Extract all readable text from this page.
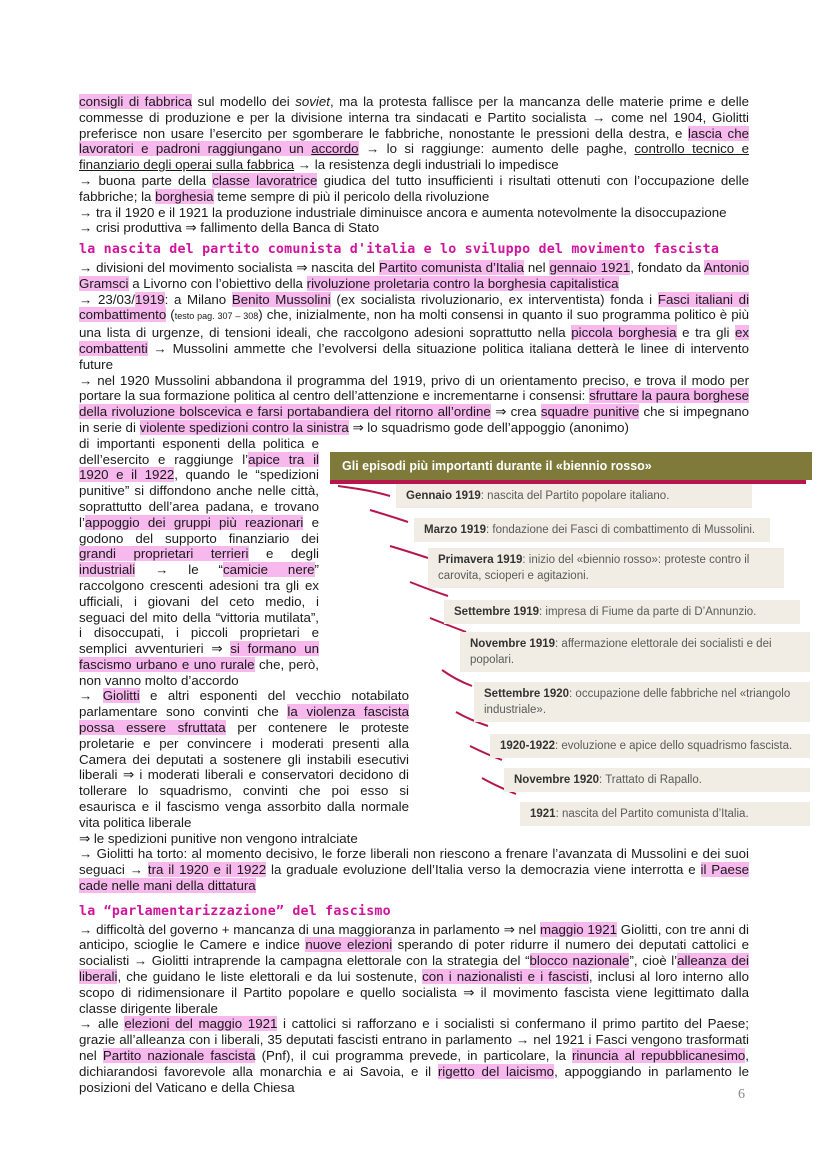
consigli di fabbrica sul modello dei soviet, ma la protesta fallisce per la mancanza delle materie prime e delle commesse di produzione e per la divisione interna tra sindacati e Partito socialista → come nel 1904, Giolitti preferisce non usare l’esercito per sgomberare le fabbriche, nonostante le pressioni della destra, e lascia che lavoratori e padroni raggiungano un accordo → lo si raggiunge: aumento delle paghe, controllo tecnico e finanziario degli operai sulla fabbrica → la resistenza degli industriali lo impedisce

→ buona parte della classe lavoratrice giudica del tutto insufficienti i risultati ottenuti con l’occupazione delle fabbriche; la borghesia teme sempre di più il pericolo della rivoluzione

→ tra il 1920 e il 1921 la produzione industriale diminuisce ancora e aumenta notevolmente la disoccupazione

→ crisi produttiva ⇒ fallimento della Banca di Stato

la nascita del partito comunista d'italia e lo sviluppo del movimento fascista

→ divisioni del movimento socialista ⇒ nascita del Partito comunista d’Italia nel gennaio 1921, fondato da Antonio Gramsci a Livorno con l’obiettivo della rivoluzione proletaria contro la borghesia capitalistica

→ 23/03/1919: a Milano Benito Mussolini (ex socialista rivoluzionario, ex interventista) fonda i Fasci italiani di combattimento (testo pag. 307 – 308) che, inizialmente, non ha molti consensi in quanto il suo programma politico è più una lista di urgenze, di tensioni ideali, che raccolgono adesioni soprattutto nella piccola borghesia e tra gli ex combattenti → Mussolini ammette che l’evolversi della situazione politica italiana detterà le linee di intervento future

→ nel 1920 Mussolini abbandona il programma del 1919, privo di un orientamento preciso, e trova il modo per portare la sua formazione politica al centro dell’attenzione e incrementarne i consensi: sfruttare la paura borghese della rivoluzione bolscevica e farsi portabandiera del ritorno all’ordine ⇒ crea squadre punitive che si impegnano in serie di violente spedizioni contro la sinistra ⇒ lo squadrismo gode dell’appoggio (anonimo)

di importanti esponenti della politica e dell’esercito e raggiunge l’apice tra il 1920 e il 1922, quando le “spedizioni punitive” si diffondono anche nelle città, soprattutto dell’area padana, e trovano l’appoggio dei gruppi più reazionari e godono del supporto finanziario dei grandi proprietari terrieri e degli industriali → le “camicie nere” raccolgono crescenti adesioni tra gli ex ufficiali, i giovani del ceto medio, i seguaci del mito della “vittoria mutilata”, i disoccupati, i piccoli proprietari e semplici avventurieri ⇒ si formano un fascismo urbano e uno rurale che, però, non vanno molto d’accordo

→ Giolitti e altri esponenti del vecchio notabilato parlamentare sono convinti che la violenza fascista possa essere sfruttata per contenere le proteste proletarie e per convincere i moderati presenti alla Camera dei deputati a sostenere gli instabili esecutivi liberali ⇒ i moderati liberali e conservatori decidono di tollerare lo squadrismo, convinti che poi esso si esaurisca e il fascismo venga assorbito dalla normale vita politica liberale

⇒ le spedizioni punitive non vengono intralciate

→ Giolitti ha torto: al momento decisivo, le forze liberali non riescono a frenare l’avanzata di Mussolini e dei suoi seguaci → tra il 1920 e il 1922 la graduale evoluzione dell’Italia verso la democrazia viene interrotta e il Paese cade nelle mani della dittatura

la “parlamentarizzazione” del fascismo

→ difficoltà del governo + mancanza di una maggioranza in parlamento ⇒ nel maggio 1921 Giolitti, con tre anni di anticipo, scioglie le Camere e indice nuove elezioni sperando di poter ridurre il numero dei deputati cattolici e socialisti → Giolitti intraprende la campagna elettorale con la strategia del “blocco nazionale”, cioè l’alleanza dei liberali, che guidano le liste elettorali e da lui sostenute, con i nazionalisti e i fascisti, inclusi al loro interno allo scopo di ridimensionare il Partito popolare e quello socialista ⇒ il movimento fascista viene legittimato dalla classe dirigente liberale

→ alle elezioni del maggio 1921 i cattolici si rafforzano e i socialisti si confermano il primo partito del Paese; grazie all’alleanza con i liberali, 35 deputati fascisti entrano in parlamento → nel 1921 i Fasci vengono trasformati nel Partito nazionale fascista (Pnf), il cui programma prevede, in particolare, la rinuncia al repubblicanesimo, dichiarandosi favorevole alla monarchia e ai Savoia, e il rigetto del laicismo, appoggiando in parlamento le posizioni del Vaticano e della Chiesa

Gli episodi più importanti durante il «biennio rosso»
Gennaio 1919: nascita del Partito popolare italiano.
Marzo 1919: fondazione dei Fasci di combattimento di Mussolini.
Primavera 1919: inizio del «biennio rosso»: proteste contro il carovita, scioperi e agitazioni.
Settembre 1919: impresa di Fiume da parte di D’Annunzio.
Novembre 1919: affermazione elettorale dei socialisti e dei popolari.
Settembre 1920: occupazione delle fabbriche nel «triangolo industriale».
1920-1922: evoluzione e apice dello squadrismo fascista.
Novembre 1920: Trattato di Rapallo.
1921: nascita del Partito comunista d’Italia.
6
